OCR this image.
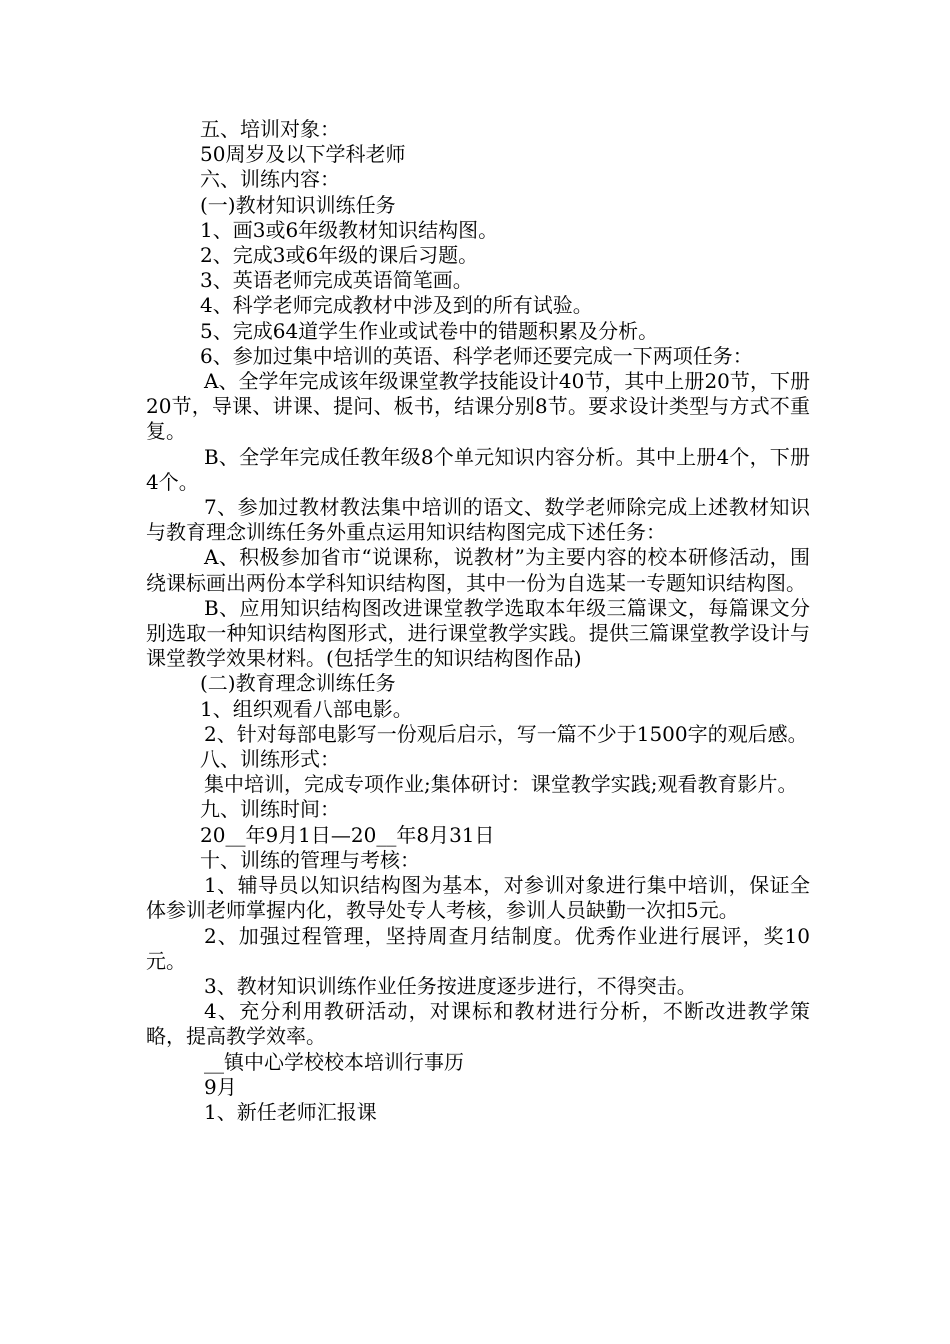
五、培训对象：
50周岁及以下学科老师
六、训练内容：
(一)教材知识训练任务
1、画3或6年级教材知识结构图。
2、完成3或6年级的课后习题。
3、英语老师完成英语简笔画。
4、科学老师完成教材中涉及到的所有试验。
5、完成64道学生作业或试卷中的错题积累及分析。
6、参加过集中培训的英语、科学老师还要完成一下两项任务：
A、全学年完成该年级课堂教学技能设计40节，其中上册20节，下册20节，导课、讲课、提问、板书，结课分别8节。要求设计类型与方式不重复。
B、全学年完成任教年级8个单元知识内容分析。其中上册4个，下册4个。
7、参加过教材教法集中培训的语文、数学老师除完成上述教材知识与教育理念训练任务外重点运用知识结构图完成下述任务：
A、积极参加省市“说课称，说教材”为主要内容的校本研修活动，围绕课标画出两份本学科知识结构图，其中一份为自选某一专题知识结构图。
B、应用知识结构图改进课堂教学选取本年级三篇课文，每篇课文分别选取一种知识结构图形式，进行课堂教学实践。提供三篇课堂教学设计与课堂教学效果材料。(包括学生的知识结构图作品)
(二)教育理念训练任务
1、组织观看八部电影。
2、针对每部电影写一份观后启示，写一篇不少于1500字的观后感。
八、训练形式：
集中培训，完成专项作业;集体研讨：课堂教学实践;观看教育影片。
九、训练时间：
20__年9月1日—20__年8月31日
十、训练的管理与考核：
1、辅导员以知识结构图为基本，对参训对象进行集中培训，保证全体参训老师掌握内化，教导处专人考核，参训人员缺勤一次扣5元。
2、加强过程管理，坚持周查月结制度。优秀作业进行展评，奖10元。
3、教材知识训练作业任务按进度逐步进行，不得突击。
4、充分利用教研活动，对课标和教材进行分析，不断改进教学策略，提高教学效率。
__镇中心学校校本培训行事历
9月
1、新任老师汇报课
